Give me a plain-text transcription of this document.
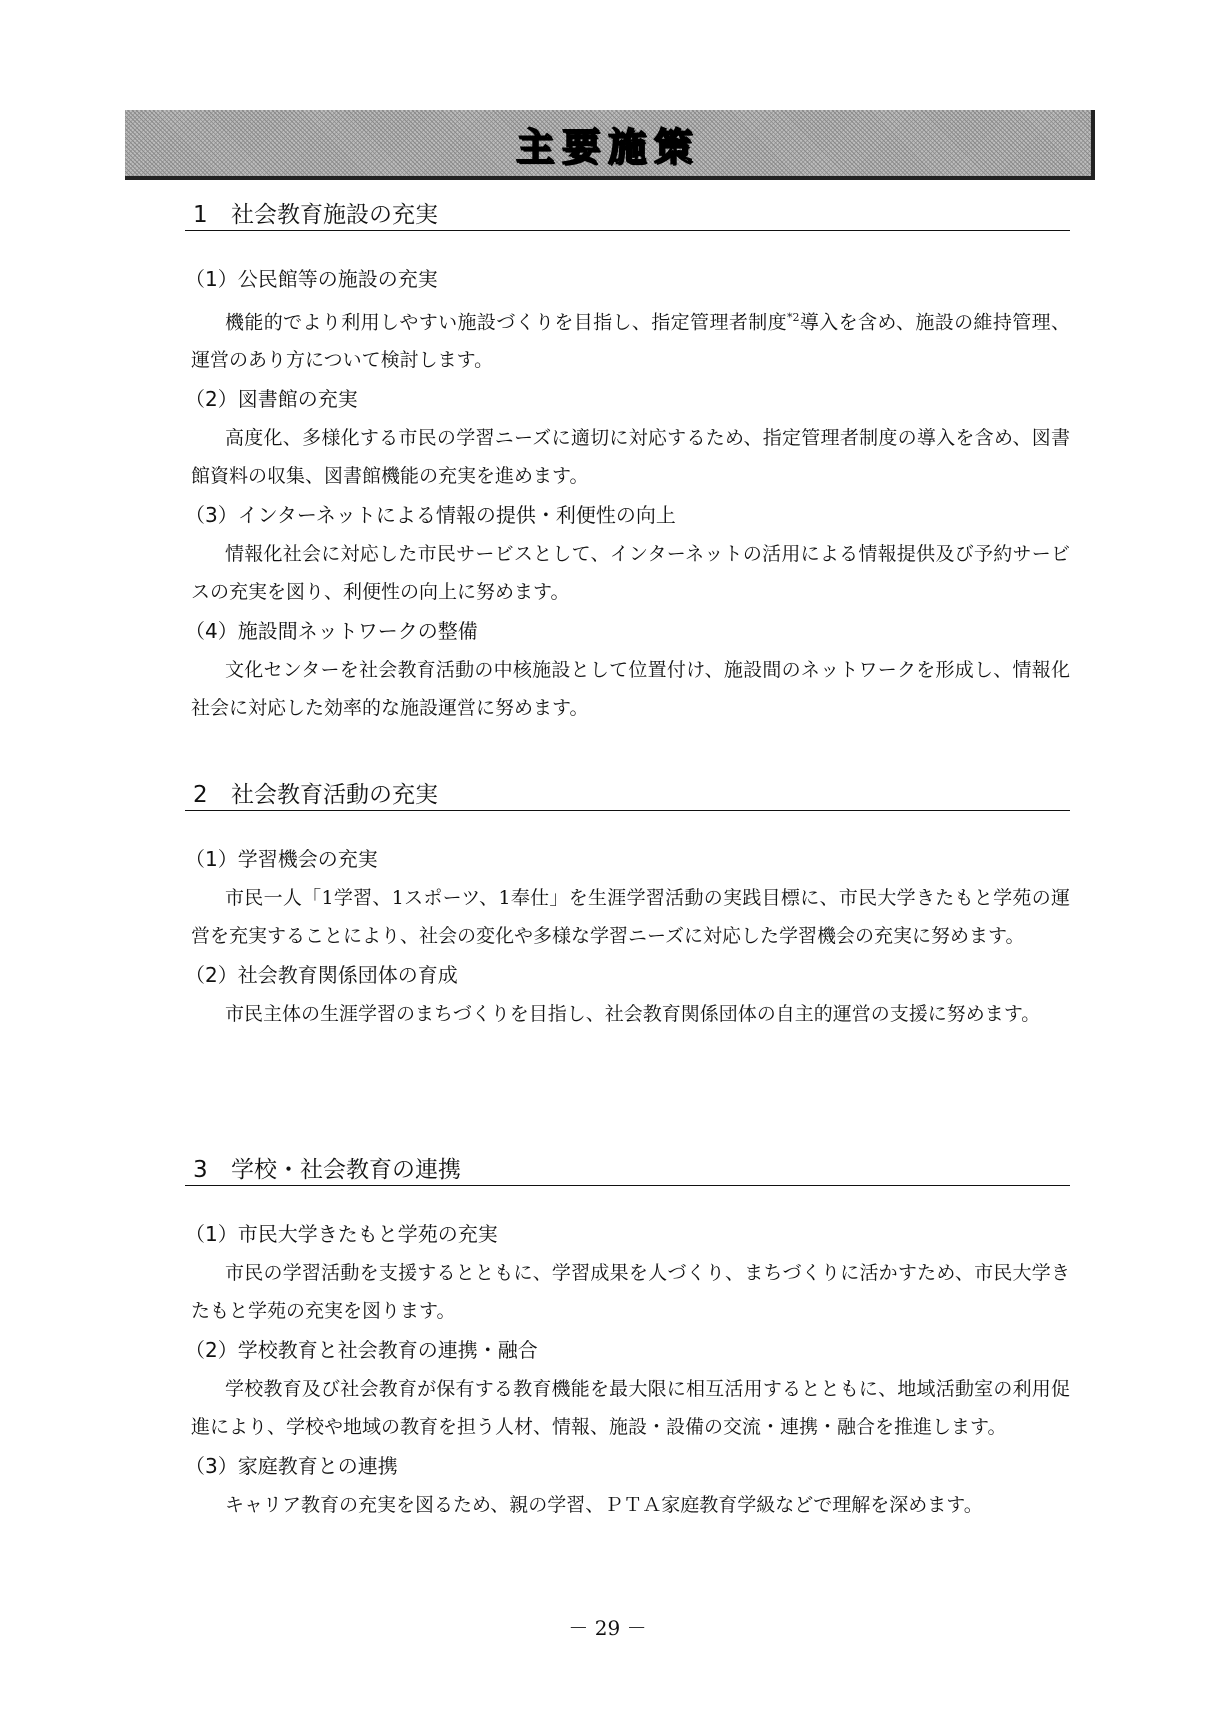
主要施策
1 社会教育施設の充実
（1）公民館等の施設の充実
機能的でより利用しやすい施設づくりを目指し、指定管理者制度$^{*2}$導入を含め、施設の維持管理、運営のあり方について検討します。
（2）図書館の充実
高度化、多様化する市民の学習ニーズに適切に対応するため、指定管理者制度の導入を含め、図書館資料の収集、図書館機能の充実を進めます。
（3）インターネットによる情報の提供・利便性の向上
情報化社会に対応した市民サービスとして、インターネットの活用による情報提供及び予約サービスの充実を図り、利便性の向上に努めます。
（4）施設間ネットワークの整備
文化センターを社会教育活動の中核施設として位置付け、施設間のネットワークを形成し、情報化社会に対応した効率的な施設運営に努めます。
2 社会教育活動の充実
（1）学習機会の充実
市民一人「1学習、1スポーツ、1奉仕」を生涯学習活動の実践目標に、市民大学きたもと学苑の運営を充実することにより、社会の変化や多様な学習ニーズに対応した学習機会の充実に努めます。
（2）社会教育関係団体の育成
市民主体の生涯学習のまちづくりを目指し、社会教育関係団体の自主的運営の支援に努めます。
3 学校・社会教育の連携
（1）市民大学きたもと学苑の充実
市民の学習活動を支援するとともに、学習成果を人づくり、まちづくりに活かすため、市民大学きたもと学苑の充実を図ります。
（2）学校教育と社会教育の連携・融合
学校教育及び社会教育が保有する教育機能を最大限に相互活用するとともに、地域活動室の利用促進により、学校や地域の教育を担う人材、情報、施設・設備の交流・連携・融合を推進します。
（3）家庭教育との連携
キャリア教育の充実を図るため、親の学習、ＰＴＡ家庭教育学級などで理解を深めます。
－ 29 －
